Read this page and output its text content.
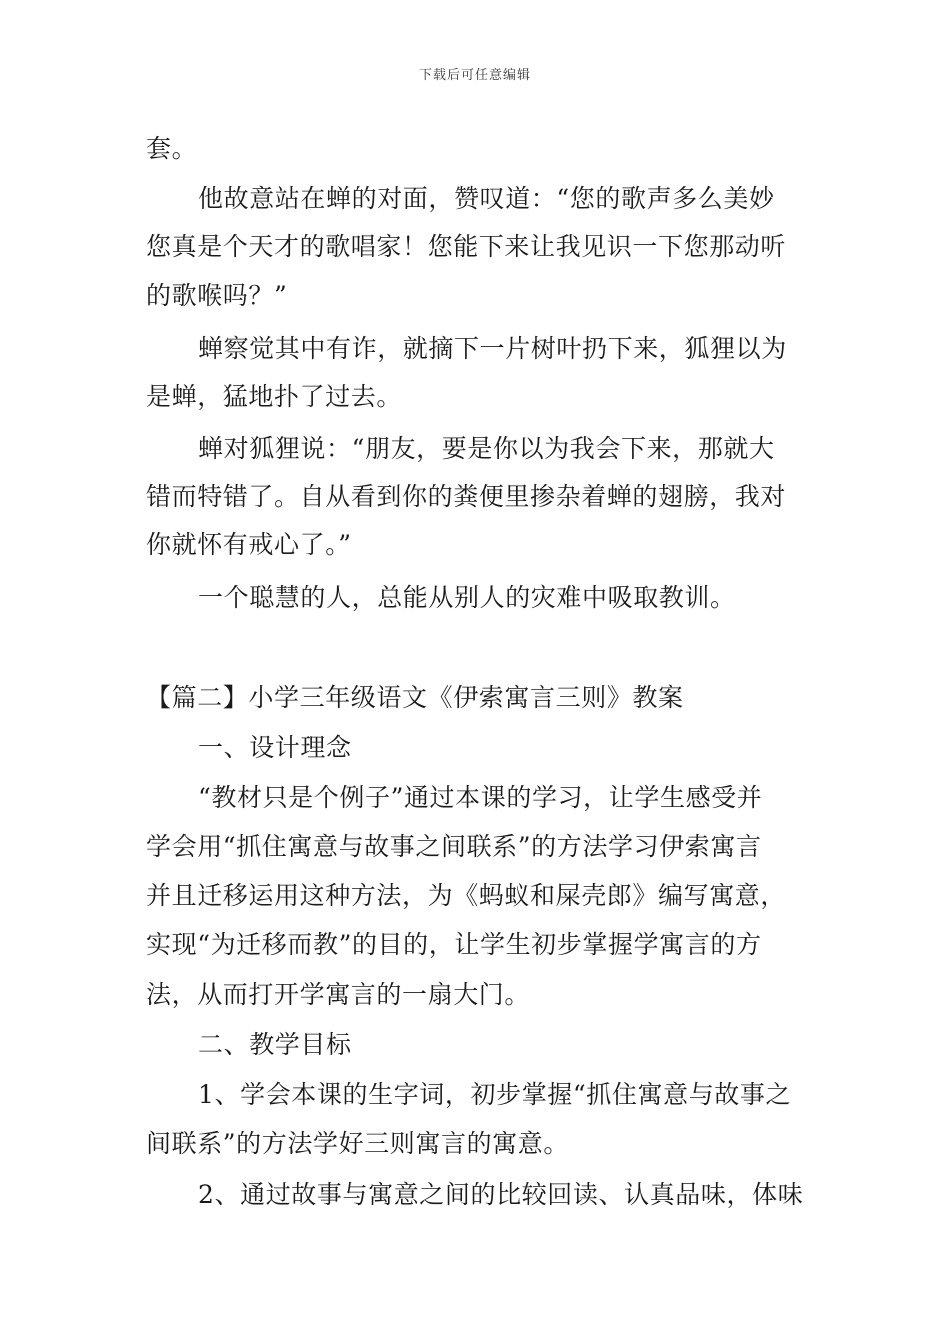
下载后可任意编辑
套。
他故意站在蝉的对面，赞叹道：“您的歌声多么美妙
您真是个天才的歌唱家！您能下来让我见识一下您那动听
的歌喉吗？”
蝉察觉其中有诈，就摘下一片树叶扔下来，狐狸以为
是蝉，猛地扑了过去。
蝉对狐狸说：“朋友，要是你以为我会下来，那就大
错而特错了。自从看到你的粪便里掺杂着蝉的翅膀，我对
你就怀有戒心了。”
一个聪慧的人，总能从别人的灾难中吸取教训。
【篇二】小学三年级语文《伊索寓言三则》教案
一、设计理念
“教材只是个例子”通过本课的学习，让学生感受并
学会用“抓住寓意与故事之间联系”的方法学习伊索寓言
并且迁移运用这种方法，为《蚂蚁和屎壳郎》编写寓意，
实现“为迁移而教”的目的，让学生初步掌握学寓言的方
法，从而打开学寓言的一扇大门。
二、教学目标
1、学会本课的生字词，初步掌握“抓住寓意与故事之
间联系”的方法学好三则寓言的寓意。
2、通过故事与寓意之间的比较回读、认真品味，体味
